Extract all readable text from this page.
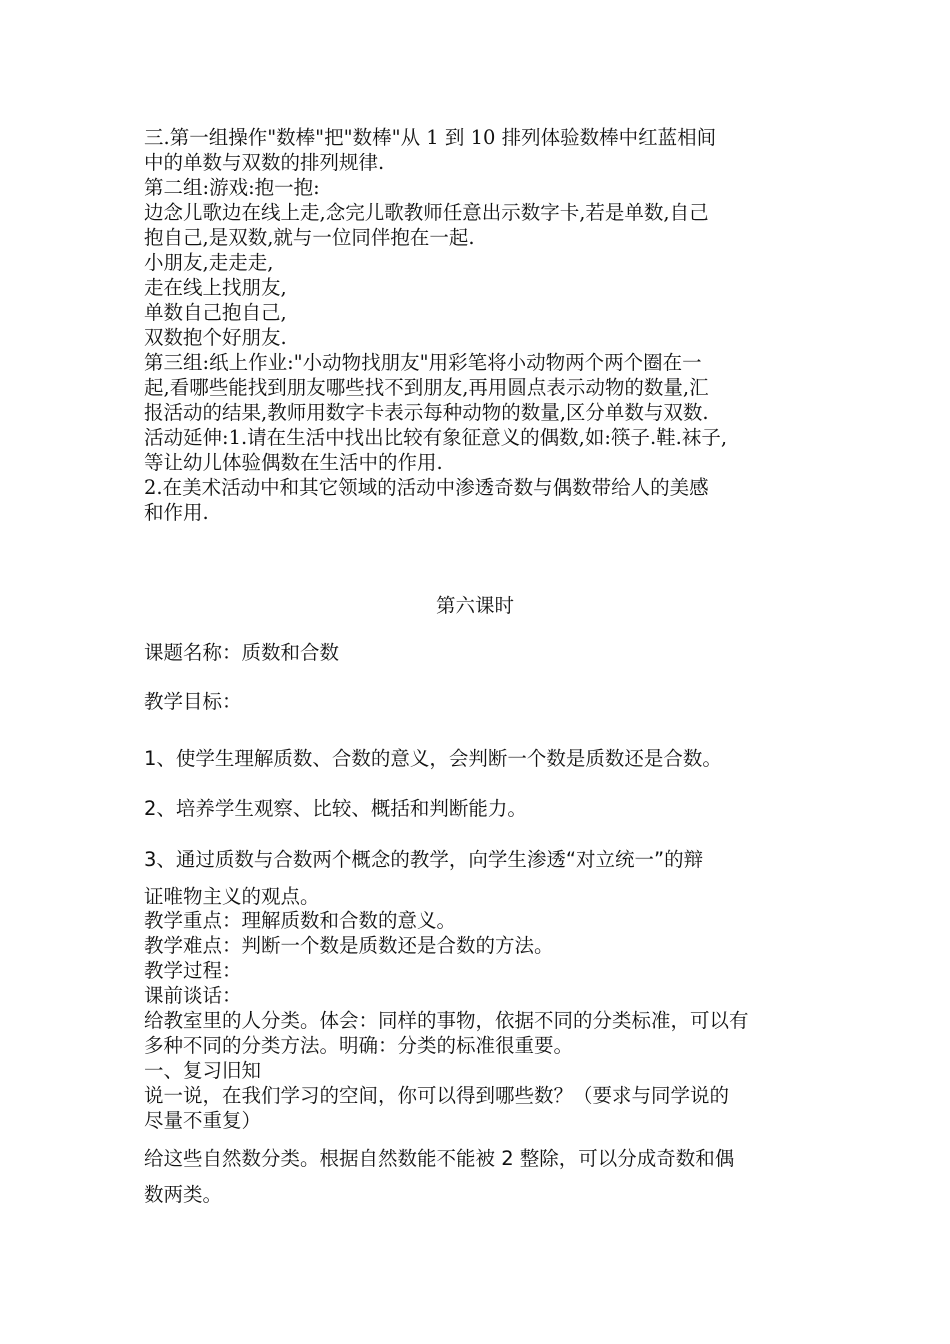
三.第一组操作"数棒"把"数棒"从 1 到 10 排列体验数棒中红蓝相间

中的单数与双数的排列规律.

第二组:游戏:抱一抱:

边念儿歌边在线上走,念完儿歌教师任意出示数字卡,若是单数,自己

抱自己,是双数,就与一位同伴抱在一起.

小朋友,走走走,

走在线上找朋友,

单数自己抱自己,

双数抱个好朋友.

第三组:纸上作业:"小动物找朋友"用彩笔将小动物两个两个圈在一

起,看哪些能找到朋友哪些找不到朋友,再用圆点表示动物的数量,汇

报活动的结果,教师用数字卡表示每种动物的数量,区分单数与双数.

活动延伸:1.请在生活中找出比较有象征意义的偶数,如:筷子.鞋.袜子,

等让幼儿体验偶数在生活中的作用.

2.在美术活动中和其它领域的活动中渗透奇数与偶数带给人的美感

和作用.

第六课时

课题名称：质数和合数

教学目标：

1、使学生理解质数、合数的意义，会判断一个数是质数还是合数。

2、培养学生观察、比较、概括和判断能力。

3、通过质数与合数两个概念的教学，向学生渗透“对立统一”的辩

证唯物主义的观点。

教学重点：理解质数和合数的意义。

教学难点：判断一个数是质数还是合数的方法。

教学过程：

课前谈话：

给教室里的人分类。体会：同样的事物，依据不同的分类标准，可以有

多种不同的分类方法。明确：分类的标准很重要。

一、复习旧知

说一说，在我们学习的空间，你可以得到哪些数？（要求与同学说的

尽量不重复）

给这些自然数分类。根据自然数能不能被 2 整除，可以分成奇数和偶

数两类。
